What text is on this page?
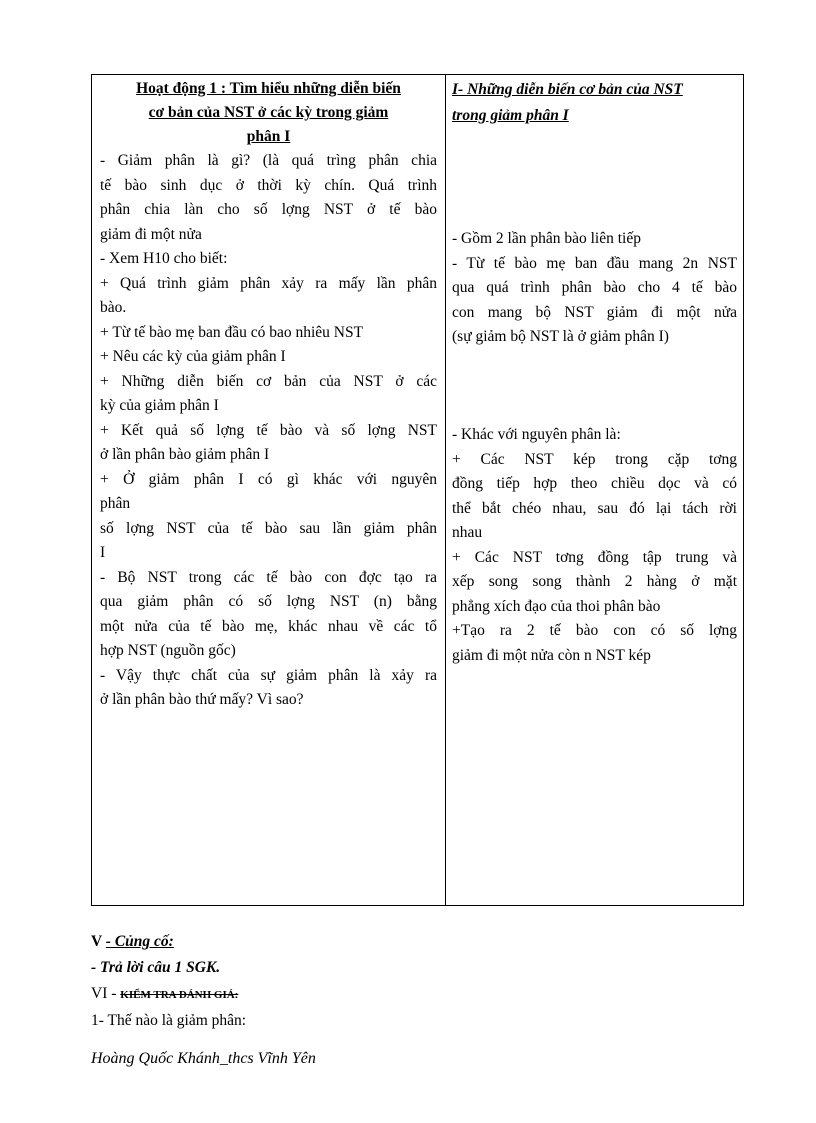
Hoạt động 1 : Tìm hiểu những diễn biến
cơ bản của NST ở các kỳ trong giảm
phân I
- Giảm phân là gì? (là quá trìng phân chia
tế bào sinh dục ở thời kỳ chín. Quá trình
phân chia làn cho số lợng NST ở tế bào
giảm đi một nửa
- Xem H10 cho biết:
+ Quá trình giảm phân xảy ra mấy lần phân
bào.
+ Từ tế bào mẹ ban đầu có bao nhiêu NST
+ Nêu các kỳ của giảm phân I
+ Những diễn biến cơ bản của NST ở các
kỳ của giảm phân I
+ Kết quả số lợng tế bào và số lợng NST
ở lần phân bào giảm phân I
+ Ở giảm phân I có gì khác với nguyên
phân
số lợng NST của tế bào sau lần giảm phân
I
- Bộ NST trong các tế bào con đợc tạo ra
qua giảm phân có số lợng NST (n) bằng
một nửa của tế bào mẹ, khác nhau về các tổ
hợp NST (nguồn gốc)
- Vậy thực chất của sự giảm phân là xảy ra
ở lần phân bào thứ mấy? Vì sao?
I- Những diễn biến cơ bản của NST
trong giảm phân I
- Gồm 2 lần phân bào liên tiếp
- Từ tế bào mẹ ban đầu mang 2n NST
qua quá trình phân bào cho 4 tế bào
con mang bộ NST giảm đi một nửa
(sự giảm bộ NST là ở giảm phân I)
- Khác với nguyên phân là:
+ Các NST kép trong cặp tơng
đồng tiếp hợp theo chiều dọc và có
thể bắt chéo nhau, sau đó lại tách rời
nhau
+ Các NST tơng đồng tập trung và
xếp song song thành 2 hàng ở mặt
phẳng xích đạo của thoi phân bào
+Tạo ra 2 tế bào con có số lợng
giảm đi một nửa còn n NST kép
V - Củng cố:
- Trả lời câu 1 SGK.
VI - KIỂM TRA ĐÁNH GIÁ:
1- Thế nào là giảm phân:
Hoàng Quốc Khánh_thcs Vĩnh Yên
